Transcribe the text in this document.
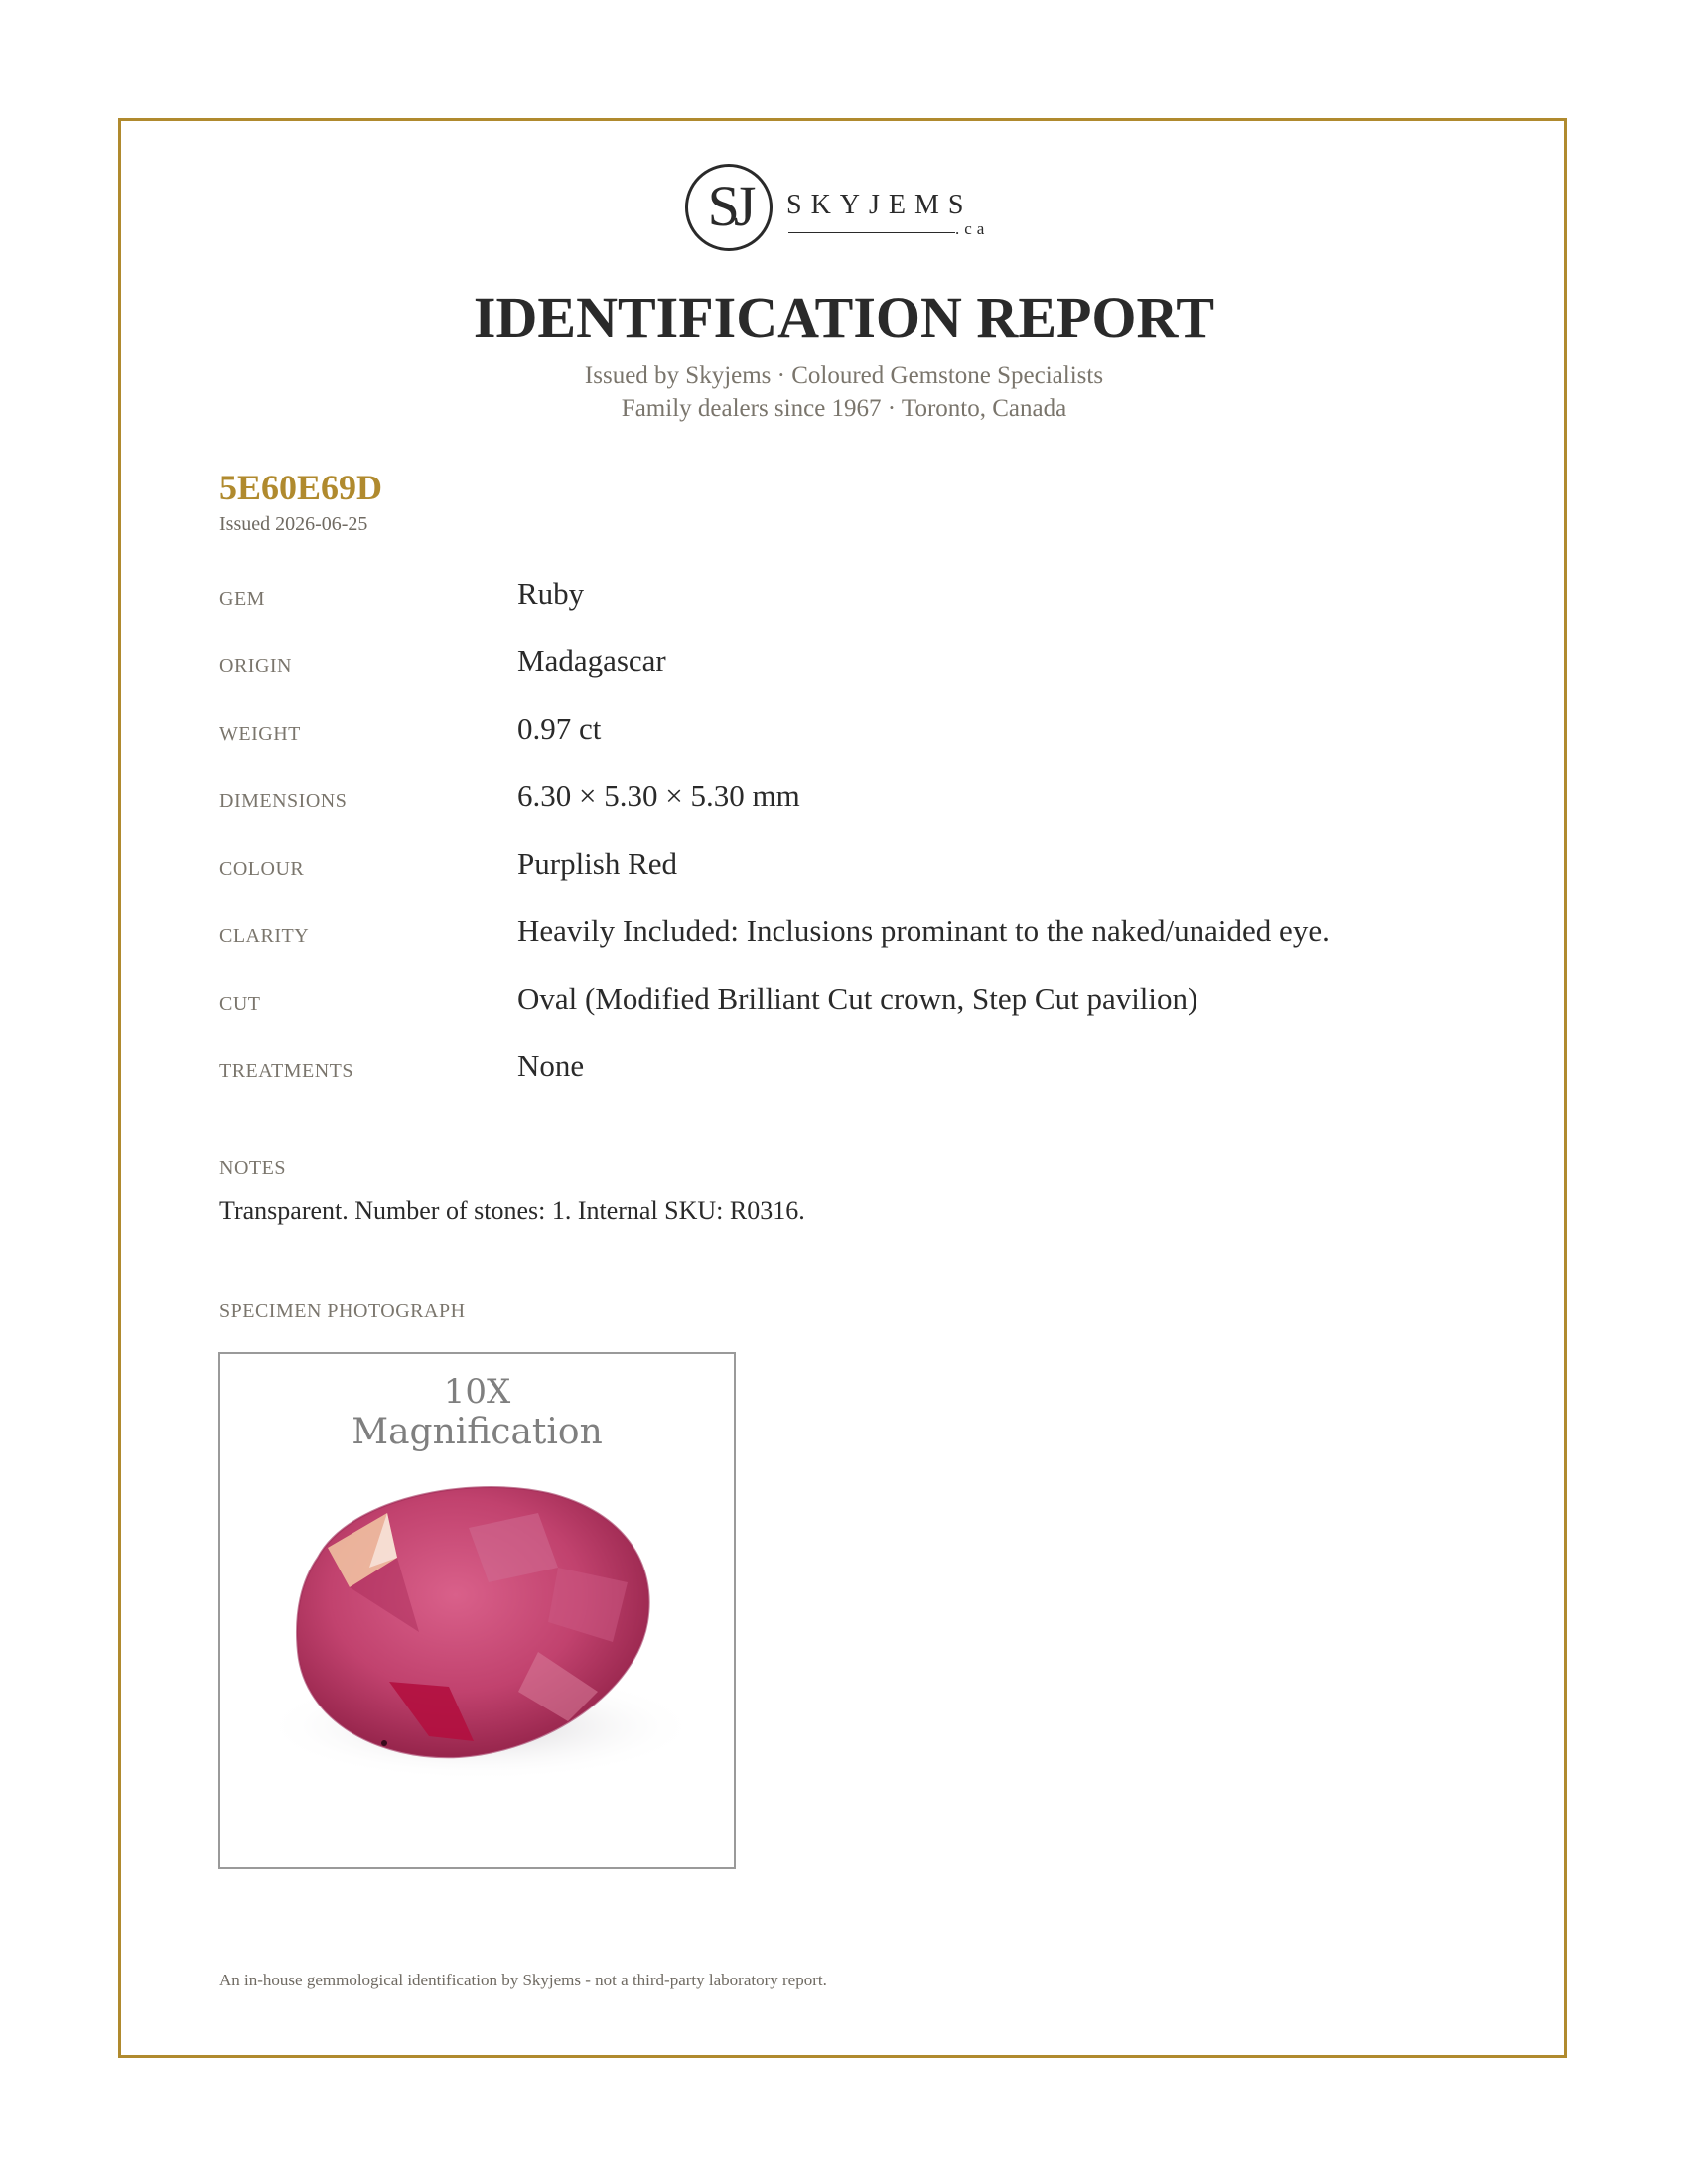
SJ	SKYJEMS
.ca
IDENTIFICATION REPORT
Issued by Skyjems · Coloured Gemstone Specialists
Family dealers since 1967 · Toronto, Canada
5E60E69D
Issued 2026-06-25
GEM	Ruby
ORIGIN	Madagascar
WEIGHT	0.97 ct
DIMENSIONS	6.30 × 5.30 × 5.30 mm
COLOUR	Purplish Red
CLARITY	Heavily Included: Inclusions prominant to the naked/unaided eye.
CUT	Oval (Modified Brilliant Cut crown, Step Cut pavilion)
TREATMENTS	None
NOTES
Transparent. Number of stones: 1. Internal SKU: R0316.
SPECIMEN PHOTOGRAPH
10X
Magnification
An in-house gemmological identification by Skyjems - not a third-party laboratory report.
